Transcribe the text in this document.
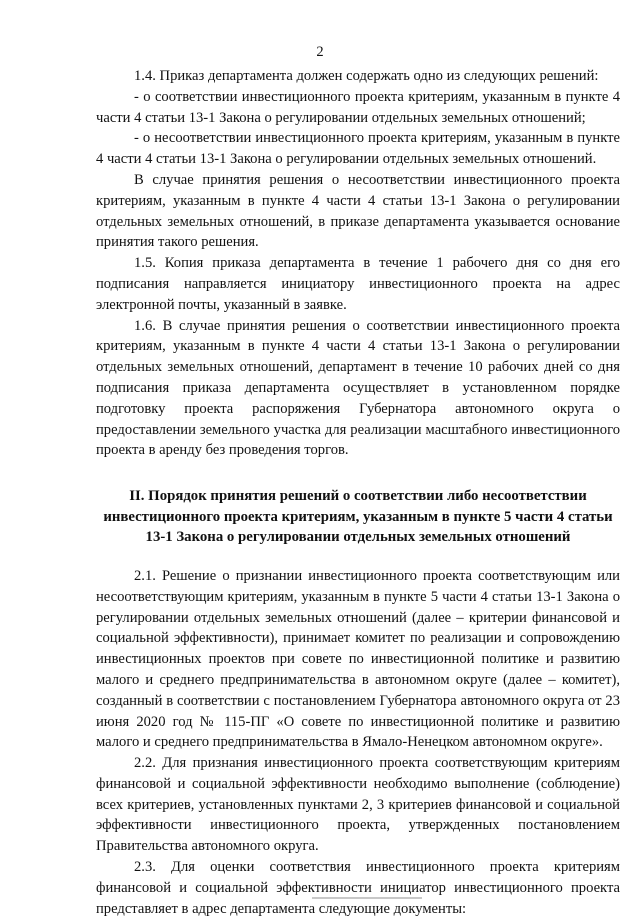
2

1.4. Приказ департамента должен содержать одно из следующих решений:

- о соответствии инвестиционного проекта критериям, указанным в пункте 4 части 4 статьи 13-1 Закона о регулировании отдельных земельных отношений;

- о несоответствии инвестиционного проекта критериям, указанным в пункте 4 части 4 статьи 13-1 Закона о регулировании отдельных земельных отношений.

В случае принятия решения о несоответствии инвестиционного проекта критериям, указанным в пункте 4 части 4 статьи 13-1 Закона о регулировании отдельных земельных отношений, в приказе департамента указывается основание принятия такого решения.

1.5. Копия приказа департамента в течение 1 рабочего дня со дня его подписания направляется инициатору инвестиционного проекта на адрес электронной почты, указанный в заявке.

1.6. В случае принятия решения о соответствии инвестиционного проекта критериям, указанным в пункте 4 части 4 статьи 13-1 Закона о регулировании отдельных земельных отношений, департамент в течение 10 рабочих дней со дня подписания приказа департамента осуществляет в установленном порядке подготовку проекта распоряжения Губернатора автономного округа о предоставлении земельного участка для реализации масштабного инвестиционного проекта в аренду без проведения торгов.

II. Порядок принятия решений о соответствии либо несоответствии инвестиционного проекта критериям, указанным в пункте 5 части 4 статьи 13-1 Закона о регулировании отдельных земельных отношений

2.1. Решение о признании инвестиционного проекта соответствующим или несоответствующим критериям, указанным в пункте 5 части 4 статьи 13-1 Закона о регулировании отдельных земельных отношений (далее – критерии финансовой и социальной эффективности), принимает комитет по реализации и сопровождению инвестиционных проектов при совете по инвестиционной политике и развитию малого и среднего предпринимательства в автономном округе (далее – комитет), созданный в соответствии с постановлением Губернатора автономного округа от 23 июня 2020 год № 115-ПГ «О совете по инвестиционной политике и развитию малого и среднего предпринимательства в Ямало-Ненецком автономном округе».

2.2. Для признания инвестиционного проекта соответствующим критериям финансовой и социальной эффективности необходимо выполнение (соблюдение) всех критериев, установленных пунктами 2, 3 критериев финансовой и социальной эффективности инвестиционного проекта, утвержденных постановлением Правительства автономного округа.

2.3. Для оценки соответствия инвестиционного проекта критериям финансовой и социальной эффективности инициатор инвестиционного проекта представляет в адрес департамента следующие документы:
